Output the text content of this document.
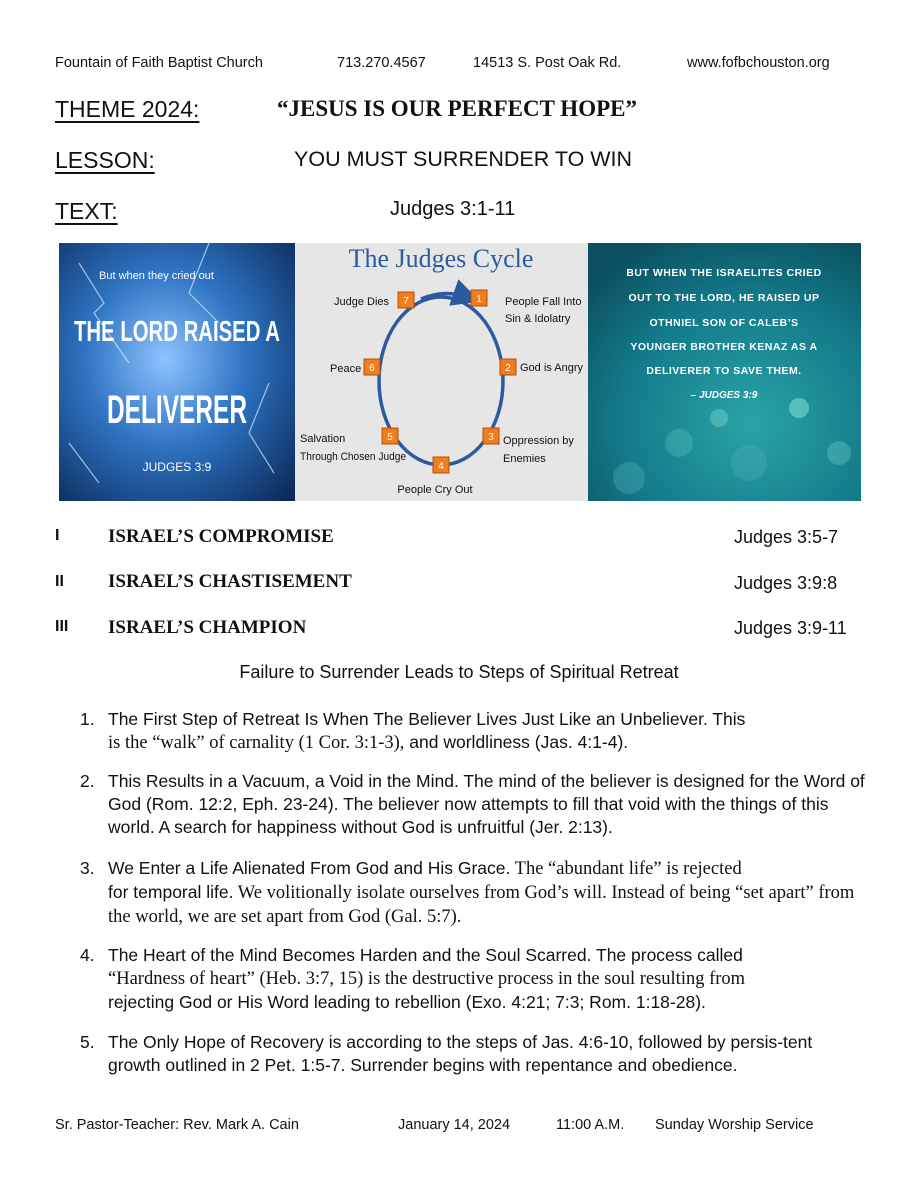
Fountain of Faith Baptist Church	713.270.4567	14513 S. Post Oak Rd.	www.fofbchouston.org
THEME 2024:	“JESUS IS OUR PERFECT HOPE”
LESSON:	YOU MUST SURRENDER TO WIN
TEXT:	Judges 3:1-11
But when they cried out
THE LORD RAISED A
DELIVERER
JUDGES 3:9
The Judges Cycle
1 People Fall Into
Sin & Idolatry
2 God is Angry
3 Oppression by
Enemies
4
People Cry Out
5
Salvation
Through Chosen Judge
6
Peace
7
Judge Dies
BUT WHEN THE ISRAELITES CRIED
OUT TO THE LORD, HE RAISED UP
OTHNIEL SON OF CALEB’S
YOUNGER BROTHER KENAZ AS A
DELIVERER TO SAVE THEM.
– JUDGES 3:9
I	ISRAEL’S COMPROMISE	Judges 3:5-7
II ISRAEL’S CHASTISEMENT	Judges 3:9:8
III ISRAEL’S CHAMPION	Judges 3:9-11
Failure to Surrender Leads to Steps of Spiritual Retreat
1. The First Step of Retreat Is When The Believer Lives Just Like an Unbeliever. This
is the “walk” of carnality (1 Cor. 3:1-3), and worldliness (Jas. 4:1-4).
2. This Results in a Vacuum, a Void in the Mind. The mind of the believer is designed for the Word of God (Rom. 12:2, Eph. 23-24). The believer now attempts to fill that void with the things of this world. A search for happiness without God is unfruitful (Jer. 2:13).
3. We Enter a Life Alienated From God and His Grace. The “abundant life” is rejected
for temporal life. We volitionally isolate ourselves from God’s will. Instead of being “set apart” from the world, we are set apart from God (Gal. 5:7).
4. The Heart of the Mind Becomes Harden and the Soul Scarred. The process called
“Hardness of heart” (Heb. 3:7, 15) is the destructive process in the soul resulting from
rejecting God or His Word leading to rebellion (Exo. 4:21; 7:3; Rom. 1:18-28).
5. The Only Hope of Recovery is according to the steps of Jas. 4:6-10, followed by persis-tent growth outlined in 2 Pet. 1:5-7. Surrender begins with repentance and obedience.
Sr. Pastor-Teacher: Rev. Mark A. Cain	January 14, 2024	11:00 A.M. Sunday Worship Service
